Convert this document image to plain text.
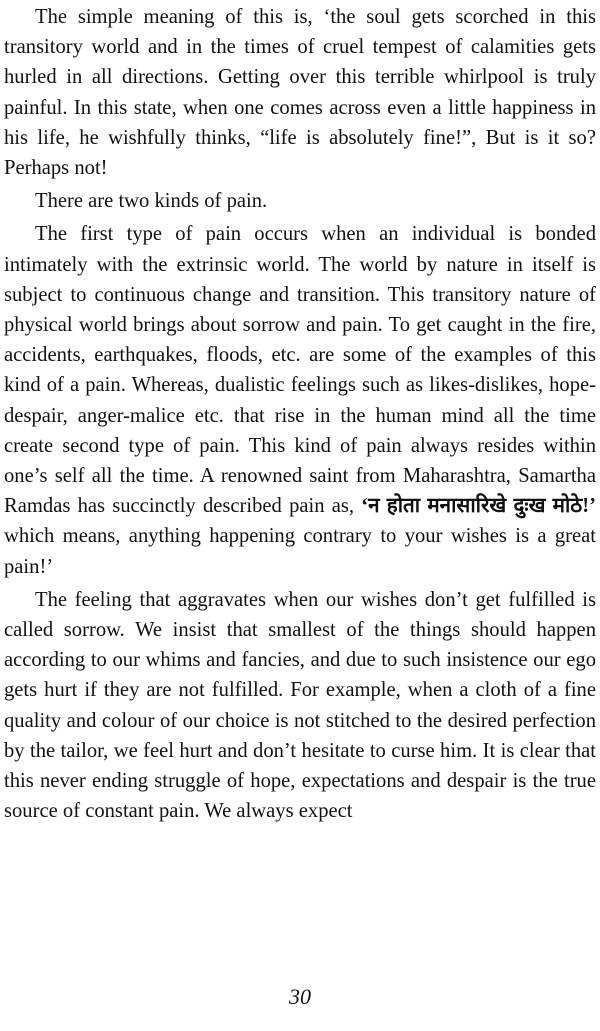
The simple meaning of this is, ‘the soul gets scorched in this transitory world and in the times of cruel tempest of calamities gets hurled in all directions. Getting over this terrible whirlpool is truly painful. In this state, when one comes across even a little happiness in his life, he wishfully thinks, “life is absolutely fine!”, But is it so? Perhaps not!

There are two kinds of pain.

The first type of pain occurs when an individual is bonded intimately with the extrinsic world. The world by nature in itself is subject to continuous change and transition. This transitory nature of physical world brings about sorrow and pain. To get caught in the fire, accidents, earthquakes, floods, etc. are some of the examples of this kind of a pain. Whereas, dualistic feelings such as likes-dislikes, hope-despair, anger-malice etc. that rise in the human mind all the time create second type of pain. This kind of pain always resides within one’s self all the time. A renowned saint from Maharashtra, Samartha Ramdas has succinctly described pain as, ‘न होता मनासारिखे दुःख मोठे!’ which means, anything happening contrary to your wishes is a great pain!’

The feeling that aggravates when our wishes don’t get fulfilled is called sorrow. We insist that smallest of the things should happen according to our whims and fancies, and due to such insistence our ego gets hurt if they are not fulfilled. For example, when a cloth of a fine quality and colour of our choice is not stitched to the desired perfection by the tailor, we feel hurt and don’t hesitate to curse him. It is clear that this never ending struggle of hope, expectations and despair is the true source of constant pain. We always expect

30
